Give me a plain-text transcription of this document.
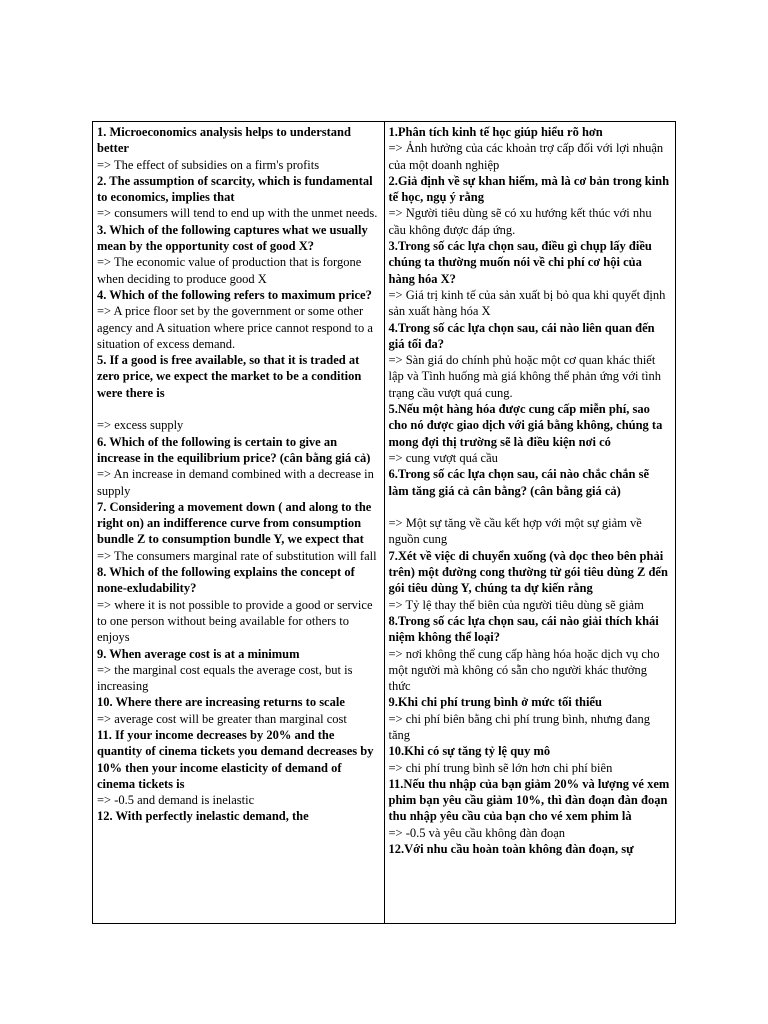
1. Microeconomics analysis helps to understand better
=> The effect of subsidies on a firm's profits
2. The assumption of scarcity, which is fundamental to economics, implies that
=> consumers will tend to end up with the unmet needs.
3. Which of the following captures what we usually mean by the opportunity cost of good X?
=> The economic value of production that is forgone when deciding to produce good X
4. Which of the following refers to maximum price?
=> A price floor set by the government or some other agency and A situation where price cannot respond to a situation of excess demand.
5. If a good is free available, so that it is traded at zero price, we expect the market to be a condition were there is
=> excess supply
6. Which of the following is certain to give an increase in the equilibrium price? (cân bằng giá cả)
=> An increase in demand combined with a decrease in supply
7. Considering a movement down ( and along to the right on) an indifference curve from consumption bundle Z to consumption bundle Y, we expect that
=> The consumers marginal rate of substitution will fall
8. Which of the following explains the concept of none-exludability?
=> where it is not possible to provide a good or service to one person without being available for others to enjoys
9. When average cost is at a minimum
=> the marginal cost equals the average cost, but is increasing
10. Where there are increasing returns to scale
=> average cost will be greater than marginal cost
11. If your income decreases by 20% and the quantity of cinema tickets you demand decreases by 10% then your income elasticity of demand of cinema tickets is
=> -0.5 and demand is inelastic
12. With perfectly inelastic demand, the
1.Phân tích kinh tế học giúp hiểu rõ hơn
=> Ảnh hưởng của các khoản trợ cấp đối với lợi nhuận của một doanh nghiệp
2.Giả định về sự khan hiếm, mà là cơ bản trong kinh tế học, ngụ ý rằng
=> Người tiêu dùng sẽ có xu hướng kết thúc với nhu cầu không được đáp ứng.
3.Trong số các lựa chọn sau, điều gì chụp lấy điều chúng ta thường muốn nói về chi phí cơ hội của hàng hóa X?
=> Giá trị kinh tế của sản xuất bị bỏ qua khi quyết định sản xuất hàng hóa X
4.Trong số các lựa chọn sau, cái nào liên quan đến giá tối đa?
=> Sàn giá do chính phủ hoặc một cơ quan khác thiết lập và Tình huống mà giá không thể phản ứng với tình trạng cầu vượt quá cung.
5.Nếu một hàng hóa được cung cấp miễn phí, sao cho nó được giao dịch với giá bằng không, chúng ta mong đợi thị trường sẽ là điều kiện nơi có
=> cung vượt quá cầu
6.Trong số các lựa chọn sau, cái nào chắc chắn sẽ làm tăng giá cả cân bằng? (cân bằng giá cả)
=> Một sự tăng về cầu kết hợp với một sự giảm về nguồn cung
7.Xét về việc di chuyển xuống (và dọc theo bên phải trên) một đường cong thường từ gói tiêu dùng Z đến gói tiêu dùng Y, chúng ta dự kiến rằng
=> Tỷ lệ thay thế biên của người tiêu dùng sẽ giảm
8.Trong số các lựa chọn sau, cái nào giải thích khái niệm không thể loại?
=> nơi không thể cung cấp hàng hóa hoặc dịch vụ cho một người mà không có sẵn cho người khác thưởng thức
9.Khi chi phí trung bình ở mức tối thiểu
=> chi phí biên bằng chi phí trung bình, nhưng đang tăng
10.Khi có sự tăng tỷ lệ quy mô
=> chi phí trung bình sẽ lớn hơn chi phí biên
11.Nếu thu nhập của bạn giảm 20% và lượng vé xem phim bạn yêu cầu giảm 10%, thì đàn đoạn đàn đoạn thu nhập yêu cầu của bạn cho vé xem phim là
=> -0.5 và yêu cầu không đàn đoạn
12.Với nhu cầu hoàn toàn không đàn đoạn, sự
